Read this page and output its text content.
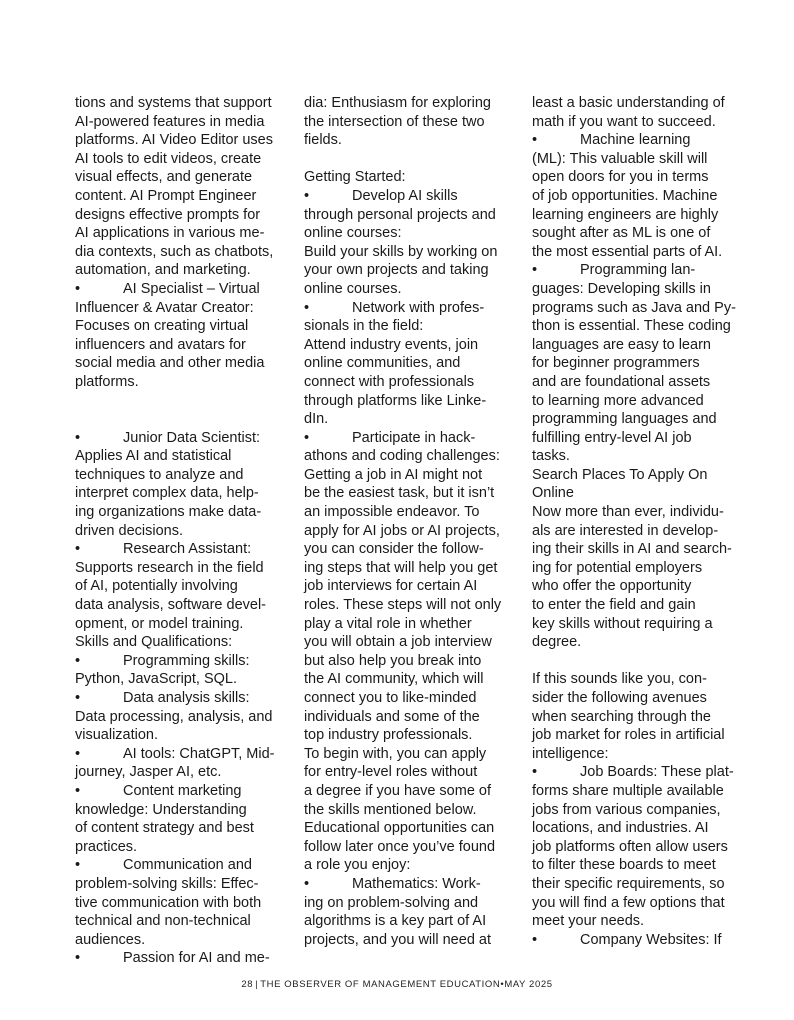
tions and systems that support
AI-powered features in media
platforms. AI Video Editor uses
AI tools to edit videos, create
visual effects, and generate
content. AI Prompt Engineer
designs effective prompts for
AI applications in various me-
dia contexts, such as chatbots,
automation, and marketing.
•	AI Specialist – Virtual
Influencer & Avatar Creator:
Focuses on creating virtual
influencers and avatars for
social media and other media
platforms.
•	Junior Data Scientist:
Applies AI and statistical
techniques to analyze and
interpret complex data, help-
ing organizations make data-
driven decisions.
•	Research Assistant:
Supports research in the field
of AI, potentially involving
data analysis, software devel-
opment, or model training.
Skills and Qualifications:
•	Programming skills:
Python, JavaScript, SQL.
•	Data analysis skills:
Data processing, analysis, and
visualization.
•	AI tools: ChatGPT, Mid-
journey, Jasper AI, etc.
•	Content marketing
knowledge: Understanding
of content strategy and best
practices.
•	Communication and
problem-solving skills: Effec-
tive communication with both
technical and non-technical
audiences.
•	Passion for AI and me-
dia: Enthusiasm for exploring
the intersection of these two
fields.
Getting Started:
•	Develop AI skills
through personal projects and
online courses:
Build your skills by working on
your own projects and taking
online courses.
•	Network with profes-
sionals in the field:
Attend industry events, join
online communities, and
connect with professionals
through platforms like Linke-
dIn.
•	Participate in hack-
athons and coding challenges:
Getting a job in AI might not
be the easiest task, but it isn’t
an impossible endeavor. To
apply for AI jobs or AI projects,
you can consider the follow-
ing steps that will help you get
job interviews for certain AI
roles. These steps will not only
play a vital role in whether
you will obtain a job interview
but also help you break into
the AI community, which will
connect you to like-minded
individuals and some of the
top industry professionals.
To begin with, you can apply
for entry-level roles without
a degree if you have some of
the skills mentioned below.
Educational opportunities can
follow later once you’ve found
a role you enjoy:
•	Mathematics: Work-
ing on problem-solving and
algorithms is a key part of AI
projects, and you will need at
least a basic understanding of
math if you want to succeed.
•	Machine learning
(ML): This valuable skill will
open doors for you in terms
of job opportunities. Machine
learning engineers are highly
sought after as ML is one of
the most essential parts of AI.
•	Programming lan-
guages: Developing skills in
programs such as Java and Py-
thon is essential. These coding
languages are easy to learn
for beginner programmers
and are foundational assets
to learning more advanced
programming languages and
fulfilling entry-level AI job
tasks.
Search Places To Apply On
Online
Now more than ever, individu-
als are interested in develop-
ing their skills in AI and search-
ing for potential employers
who offer the opportunity
to enter the field and gain
key skills without requiring a
degree.
If this sounds like you, con-
sider the following avenues
when searching through the
job market for roles in artificial
intelligence:
•	Job Boards: These plat-
forms share multiple available
jobs from various companies,
locations, and industries. AI
job platforms often allow users
to filter these boards to meet
their specific requirements, so
you will find a few options that
meet your needs.
•	Company Websites: If
28 | THE OBSERVER OF MANAGEMENT EDUCATION•MAY 2025
